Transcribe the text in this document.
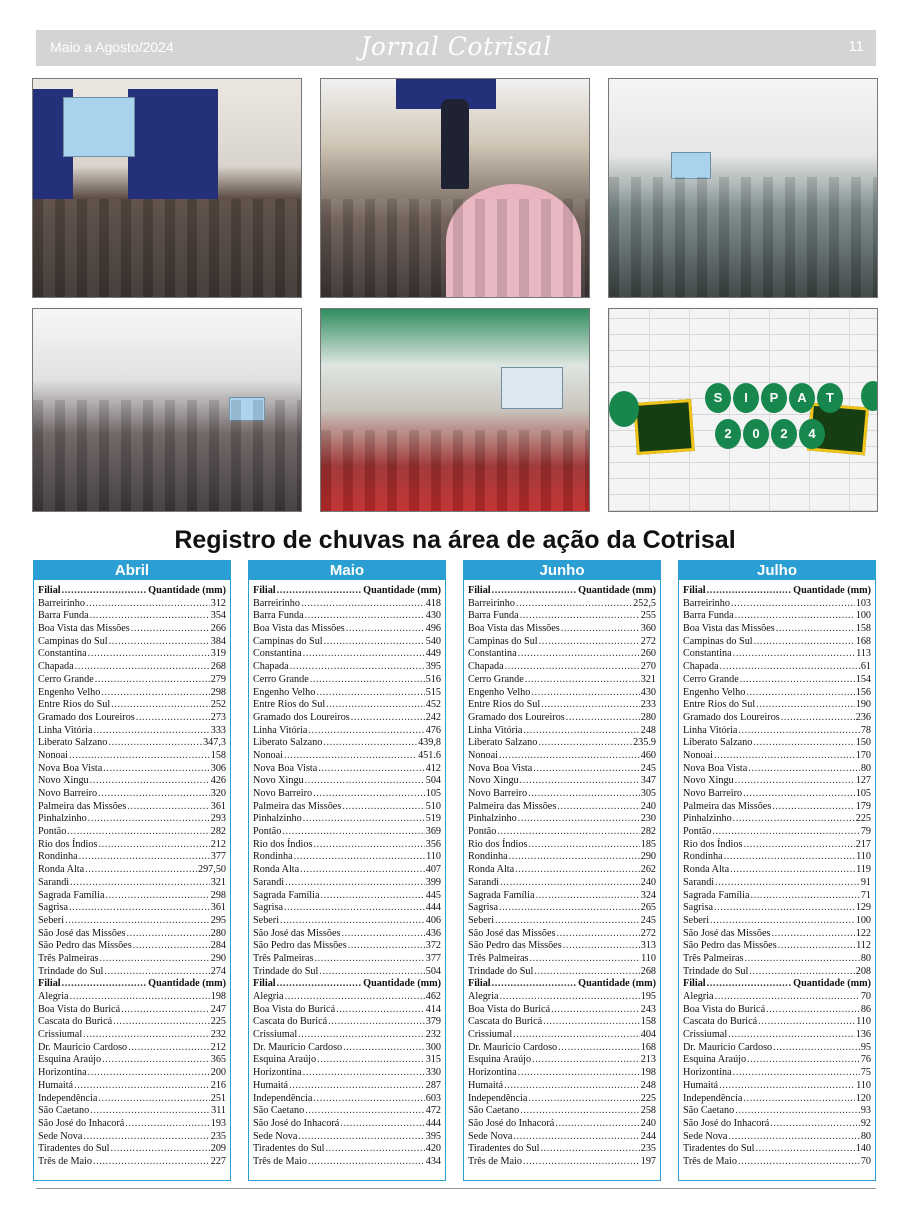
Maio a Agosto/2024	Jornal Cotrisal	11
S	I	P	A	T
2	0	2	4
Registro de chuvas na área de ação da Cotrisal
Abril
Filial .....	Quantidade (mm)
Barreirinho .....	312
Barra Funda .....	354
Boa Vista das Missões .....	266
Campinas do Sul .....	384
Constantina .....	319
Chapada .....	268
Cerro Grande .....	279
Engenho Velho .....	298
Entre Rios do Sul .....	252
Gramado dos Loureiros .....	273
Linha Vitória .....	333
Liberato Salzano .....	347,3
Nonoai .....	158
Nova Boa Vista .....	306
Novo Xingu .....	426
Novo Barreiro .....	320
Palmeira das Missões .....	361
Pinhalzinho .....	293
Pontão .....	282
Rio dos Índios .....	212
Rondinha .....	377
Ronda Alta .....	297,50
Sarandi .....	321
Sagrada Família .....	298
Sagrisa .....	361
Seberi .....	295
São José das Missões .....	280
São Pedro das Missões .....	284
Três Palmeiras .....	290
Trindade do Sul .....	274
Filial .....	Quantidade (mm)
Alegria .....	198
Boa Vista do Buricá .....	247
Cascata do Buricá .....	225
Crissiumal .....	232
Dr. Mauricio Cardoso .....	212
Esquina Araújo .....	365
Horizontina .....	200
Humaitá .....	216
Independência .....	251
São Caetano .....	311
São José do Inhacorá .....	193
Sede Nova .....	235
Tiradentes do Sul .....	209
Três de Maio .....	227
Maio
Filial .....	Quantidade (mm)
Barreirinho .....	418
Barra Funda .....	430
Boa Vista das Missões .....	496
Campinas do Sul .....	540
Constantina .....	449
Chapada .....	395
Cerro Grande .....	516
Engenho Velho .....	515
Entre Rios do Sul .....	452
Gramado dos Loureiros .....	242
Linha Vitória .....	476
Liberato Salzano .....	439,8
Nonoai .....	451.6
Nova Boa Vista .....	412
Novo Xingu .....	504
Novo Barreiro .....	105
Palmeira das Missões .....	510
Pinhalzinho .....	519
Pontão .....	369
Rio dos Índios .....	356
Rondinha .....	110
Ronda Alta .....	407
Sarandi .....	399
Sagrada Família .....	445
Sagrisa .....	444
Seberi .....	406
São José das Missões .....	436
São Pedro das Missões .....	372
Três Palmeiras .....	377
Trindade do Sul .....	504
Filial .....	Quantidade (mm)
Alegria .....	462
Boa Vista do Buricá .....	414
Cascata do Buricá .....	379
Crissiumal .....	232
Dr. Mauricio Cardoso .....	300
Esquina Araújo .....	315
Horizontina .....	330
Humaitá .....	287
Independência .....	603
São Caetano .....	472
São José do Inhacorá .....	444
Sede Nova .....	395
Tiradentes do Sul .....	420
Três de Maio .....	434
Junho
Filial .....	Quantidade (mm)
Barreirinho .....	252,5
Barra Funda .....	255
Boa Vista das Missões .....	360
Campinas do Sul .....	272
Constantina .....	260
Chapada .....	270
Cerro Grande .....	321
Engenho Velho .....	430
Entre Rios do Sul .....	233
Gramado dos Loureiros .....	280
Linha Vitória .....	248
Liberato Salzano .....	235.9
Nonoai .....	460
Nova Boa Vista .....	245
Novo Xingu .....	347
Novo Barreiro .....	305
Palmeira das Missões .....	240
Pinhalzinho .....	230
Pontão .....	282
Rio dos Índios .....	185
Rondinha .....	290
Ronda Alta .....	262
Sarandi .....	240
Sagrada Família .....	324
Sagrisa .....	265
Seberi .....	245
São José das Missões .....	272
São Pedro das Missões .....	313
Três Palmeiras .....	110
Trindade do Sul .....	268
Filial .....	Quantidade (mm)
Alegria .....	195
Boa Vista do Buricá .....	243
Cascata do Buricá .....	158
Crissiumal .....	404
Dr. Mauricio Cardoso .....	168
Esquina Araújo .....	213
Horizontina .....	198
Humaitá .....	248
Independência .....	225
São Caetano .....	258
São José do Inhacorá .....	240
Sede Nova .....	244
Tiradentes do Sul .....	235
Três de Maio .....	197
Julho
Filial .....	Quantidade (mm)
Barreirinho .....	103
Barra Funda .....	100
Boa Vista das Missões .....	158
Campinas do Sul .....	168
Constantina .....	113
Chapada .....	61
Cerro Grande .....	154
Engenho Velho .....	156
Entre Rios do Sul .....	190
Gramado dos Loureiros .....	236
Linha Vitória .....	78
Liberato Salzano .....	150
Nonoai .....	170
Nova Boa Vista .....	80
Novo Xingu .....	127
Novo Barreiro .....	105
Palmeira das Missões .....	179
Pinhalzinho .....	225
Pontão .....	79
Rio dos Índios .....	217
Rondinha .....	110
Ronda Alta .....	119
Sarandi .....	91
Sagrada Família .....	71
Sagrisa .....	129
Seberi .....	100
São José das Missões .....	122
São Pedro das Missões .....	112
Três Palmeiras .....	80
Trindade do Sul .....	208
Filial .....	Quantidade (mm)
Alegria .....	70
Boa Vista do Buricá .....	86
Cascata do Buricá .....	110
Crissiumal .....	136
Dr. Mauricio Cardoso .....	95
Esquina Araújo .....	76
Horizontina .....	75
Humaitá .....	110
Independência .....	120
São Caetano .....	93
São José do Inhacorá .....	92
Sede Nova .....	80
Tiradentes do Sul .....	140
Três de Maio .....	70
